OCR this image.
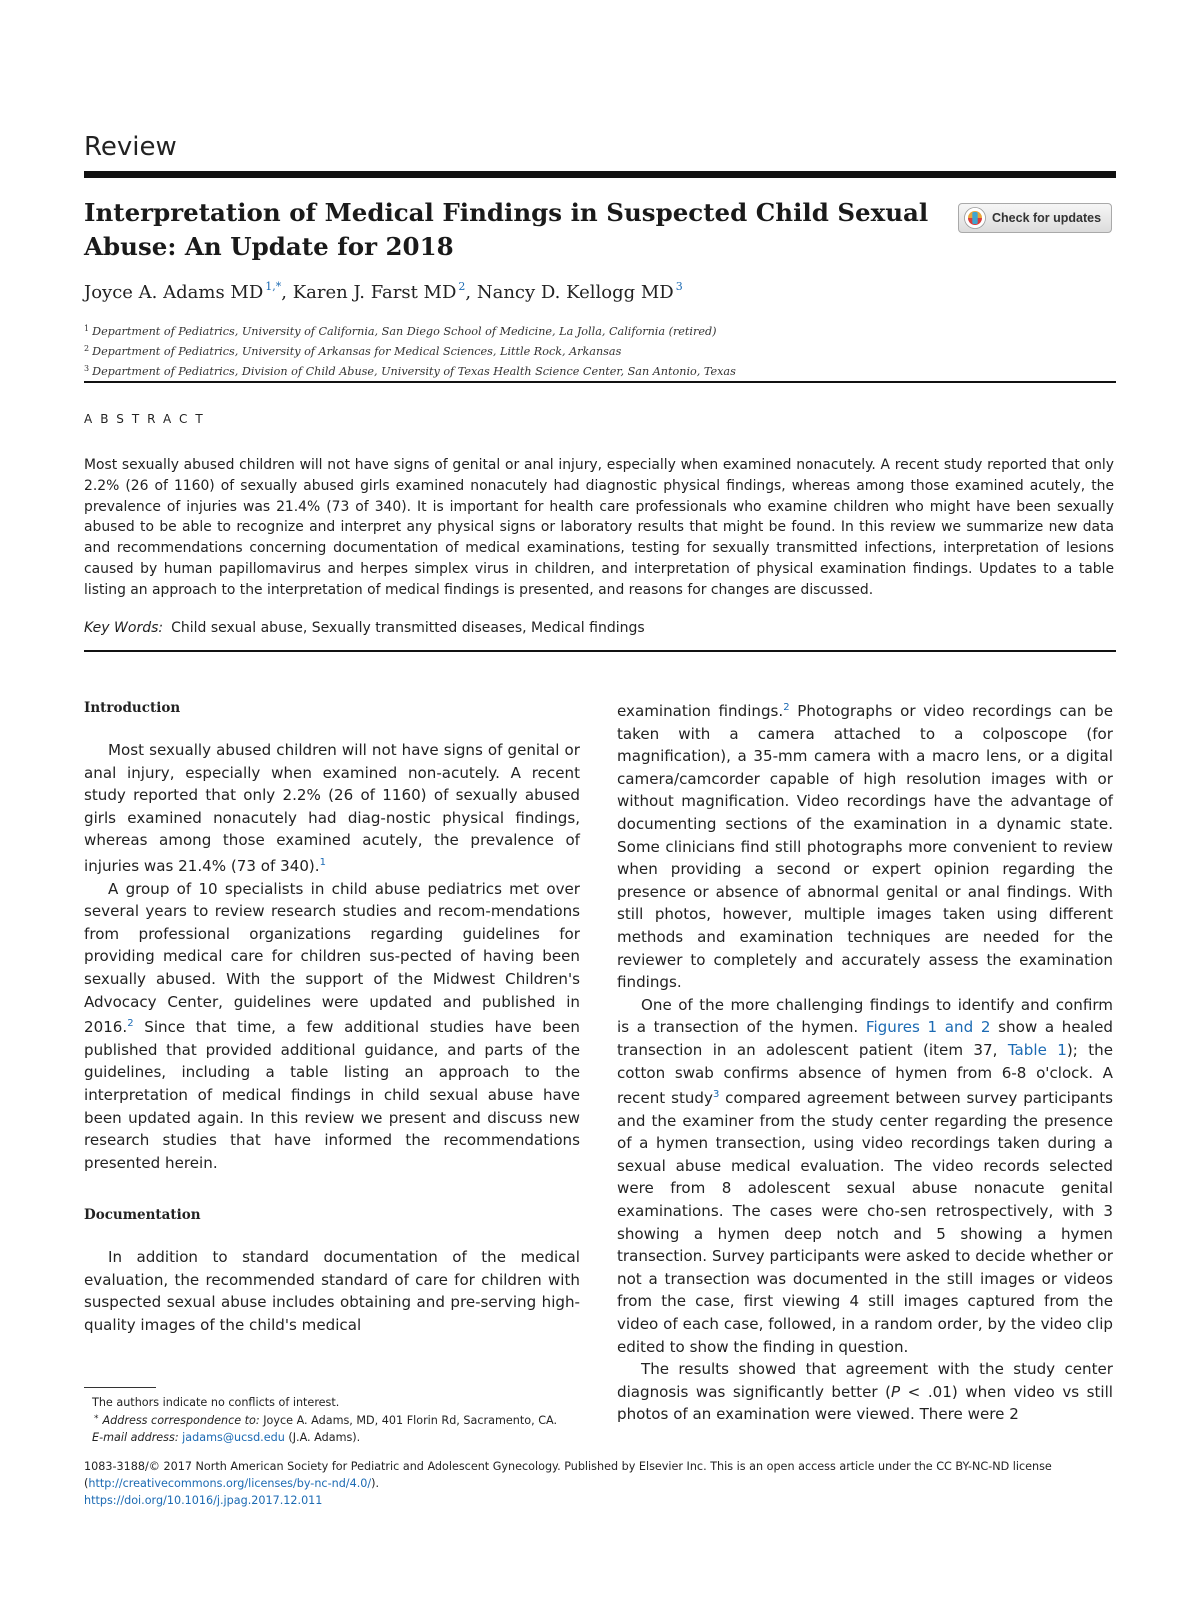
Review
Interpretation of Medical Findings in Suspected Child Sexual Abuse: An Update for 2018
Check for updates
Joyce A. Adams MD $^{1,*}$, Karen J. Farst MD $^2$, Nancy D. Kellogg MD $^3$
$^1$ Department of Pediatrics, University of California, San Diego School of Medicine, La Jolla, California (retired)
$^2$ Department of Pediatrics, University of Arkansas for Medical Sciences, Little Rock, Arkansas
$^3$ Department of Pediatrics, Division of Child Abuse, University of Texas Health Science Center, San Antonio, Texas
ABSTRACT

Most sexually abused children will not have signs of genital or anal injury, especially when examined nonacutely. A recent study reported that only 2.2% (26 of 1160) of sexually abused girls examined nonacutely had diagnostic physical findings, whereas among those examined acutely, the prevalence of injuries was 21.4% (73 of 340). It is important for health care professionals who examine children who might have been sexually abused to be able to recognize and interpret any physical signs or laboratory results that might be found. In this review we summarize new data and recommendations concerning documentation of medical examinations, testing for sexually transmitted infections, interpretation of lesions caused by human papillomavirus and herpes simplex virus in children, and interpretation of physical examination findings. Updates to a table listing an approach to the interpretation of medical findings is presented, and reasons for changes are discussed.

Key Words: Child sexual abuse, Sexually transmitted diseases, Medical findings
Introduction

Most sexually abused children will not have signs of genital or anal injury, especially when examined non-acutely. A recent study reported that only 2.2% (26 of 1160) of sexually abused girls examined nonacutely had diag-nostic physical findings, whereas among those examined acutely, the prevalence of injuries was 21.4% (73 of 340).$^1$

A group of 10 specialists in child abuse pediatrics met over several years to review research studies and recom-mendations from professional organizations regarding guidelines for providing medical care for children sus-pected of having been sexually abused. With the support of the Midwest Children's Advocacy Center, guidelines were updated and published in 2016.$^2$ Since that time, a few additional studies have been published that provided additional guidance, and parts of the guidelines, including a table listing an approach to the interpretation of medical findings in child sexual abuse have been updated again. In this review we present and discuss new research studies that have informed the recommendations presented herein.

Documentation

In addition to standard documentation of the medical evaluation, the recommended standard of care for children with suspected sexual abuse includes obtaining and pre-serving high-quality images of the child's medical

examination findings.$^2$ Photographs or video recordings can be taken with a camera attached to a colposcope (for magnification), a 35-mm camera with a macro lens, or a digital camera/camcorder capable of high resolution images with or without magnification. Video recordings have the advantage of documenting sections of the examination in a dynamic state. Some clinicians find still photographs more convenient to review when providing a second or expert opinion regarding the presence or absence of abnormal genital or anal findings. With still photos, however, multiple images taken using different methods and examination techniques are needed for the reviewer to completely and accurately assess the examination findings.

One of the more challenging findings to identify and confirm is a transection of the hymen. Figures 1 and 2 show a healed transection in an adolescent patient (item 37, Table 1); the cotton swab confirms absence of hymen from 6-8 o'clock. A recent study$^3$ compared agreement between survey participants and the examiner from the study center regarding the presence of a hymen transection, using video recordings taken during a sexual abuse medical evaluation. The video records selected were from 8 adolescent sexual abuse nonacute genital examinations. The cases were cho-sen retrospectively, with 3 showing a hymen deep notch and 5 showing a hymen transection. Survey participants were asked to decide whether or not a transection was documented in the still images or videos from the case, first viewing 4 still images captured from the video of each case, followed, in a random order, by the video clip edited to show the finding in question.

The results showed that agreement with the study center diagnosis was significantly better (P < .01) when video vs still photos of an examination were viewed. There were 2

The authors indicate no conflicts of interest.
* Address correspondence to: Joyce A. Adams, MD, 401 Florin Rd, Sacramento, CA.
E-mail address: jadams@ucsd.edu (J.A. Adams).
1083-3188/© 2017 North American Society for Pediatric and Adolescent Gynecology. Published by Elsevier Inc. This is an open access article under the CC BY-NC-ND license
(http://creativecommons.org/licenses/by-nc-nd/4.0/).
https://doi.org/10.1016/j.jpag.2017.12.011
